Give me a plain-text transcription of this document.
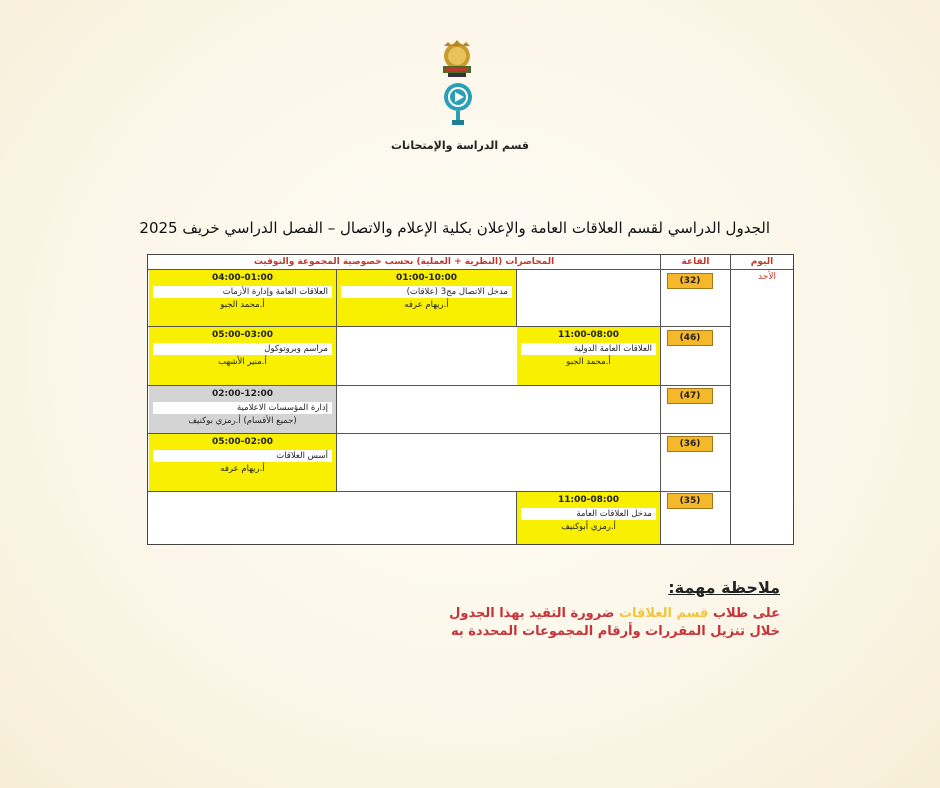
قسم الدراسة والإمتحانات
الجدول الدراسي لقسم العلاقات العامة والإعلان بكلية الإعلام والاتصال – الفصل الدراسي خريف 2025
اليوم
القاعة
المحاضرات (النظرية + العملية) بحسب خصوصية المجموعة والتوقيت
الأحد
(32)
(46)
(47)
(36)
(35)
01:00-10:00
مدخل الاتصال مج3 (علاقات)
أ.ريهام عرفه
04:00-01:00
العلاقات العامة وإدارة الأزمات
أ.محمد الجبو
11:00-08:00
العلاقات العامة الدولية
أ.محمد الجبو
05:00-03:00
مراسم وبروتوكول
أ.منير الأشهب
02:00-12:00
إدارة المؤسسات الاعلامية
(جميع الأقسام) أ.رمزي بوكنيف
05:00-02:00
أسس العلاقات
أ.ريهام عرفه
11:00-08:00
مدخل العلاقات العامة
أ.رمزي أبوكنيف
ملاحظة مهمة:
على طلاب قسم العلاقات ضرورة التقيد بهذا الجدول
خلال تنزيل المقررات وأرقام المجموعات المحددة به
